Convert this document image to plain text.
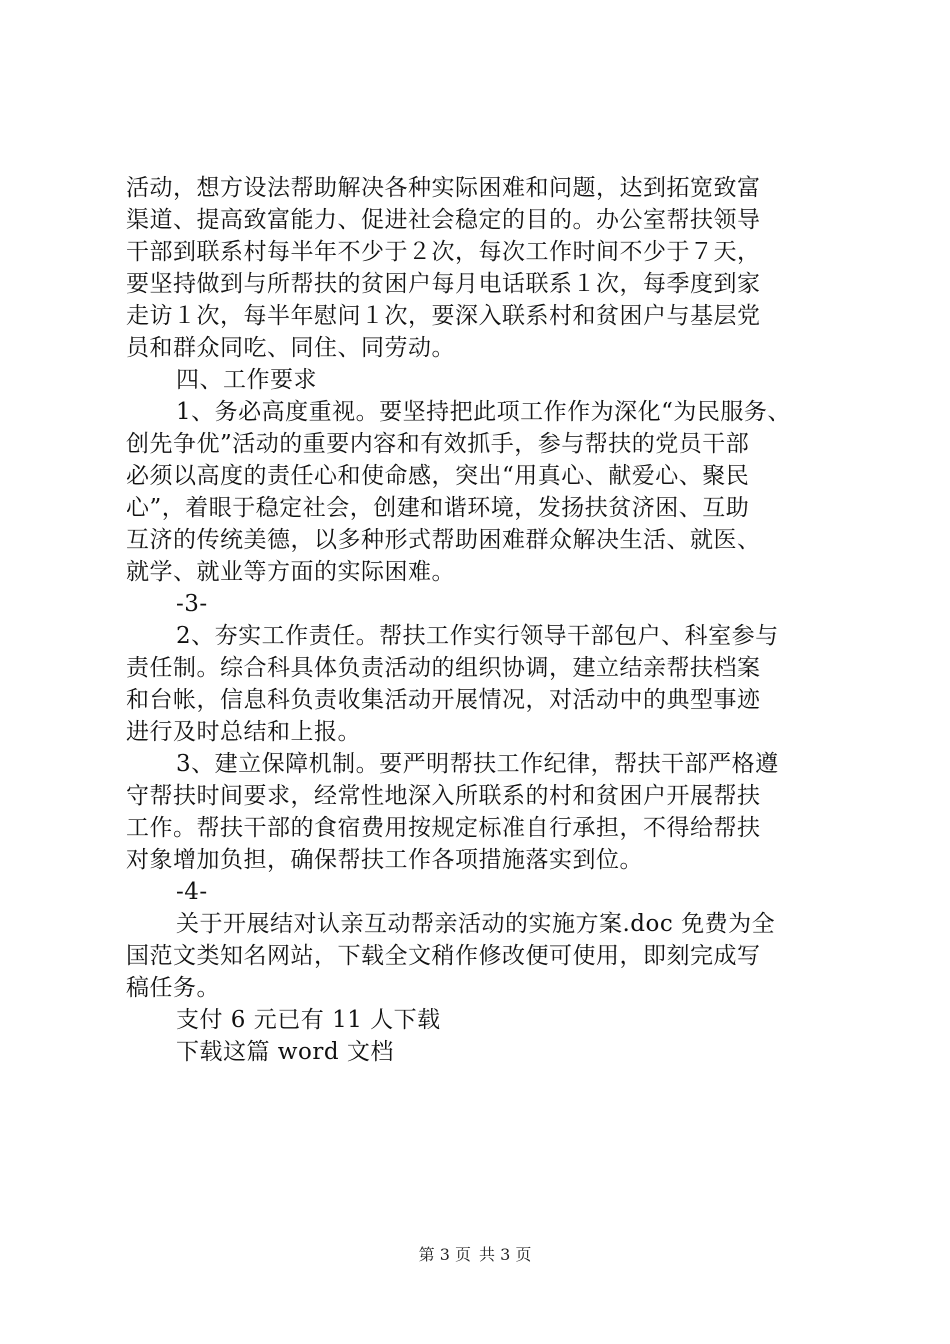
活动，想方设法帮助解决各种实际困难和问题，达到拓宽致富
渠道、提高致富能力、促进社会稳定的目的。办公室帮扶领导
干部到联系村每半年不少于２次，每次工作时间不少于７天，
要坚持做到与所帮扶的贫困户每月电话联系１次，每季度到家
走访１次，每半年慰问１次，要深入联系村和贫困户与基层党
员和群众同吃、同住、同劳动。
四、工作要求
1、务必高度重视。要坚持把此项工作作为深化“为民服务、
创先争优”活动的重要内容和有效抓手，参与帮扶的党员干部
必须以高度的责任心和使命感，突出“用真心、献爱心、聚民
心”，着眼于稳定社会，创建和谐环境，发扬扶贫济困、互助
互济的传统美德，以多种形式帮助困难群众解决生活、就医、
就学、就业等方面的实际困难。
-3-
2、夯实工作责任。帮扶工作实行领导干部包户、科室参与
责任制。综合科具体负责活动的组织协调，建立结亲帮扶档案
和台帐，信息科负责收集活动开展情况，对活动中的典型事迹
进行及时总结和上报。
3、建立保障机制。要严明帮扶工作纪律，帮扶干部严格遵
守帮扶时间要求，经常性地深入所联系的村和贫困户开展帮扶
工作。帮扶干部的食宿费用按规定标准自行承担，不得给帮扶
对象增加负担，确保帮扶工作各项措施落实到位。
-4-
关于开展结对认亲互动帮亲活动的实施方案.doc 免费为全
国范文类知名网站，下载全文稍作修改便可使用，即刻完成写
稿任务。
支付 6 元已有 11 人下载
下载这篇 word 文档
第 3 页 共 3 页
